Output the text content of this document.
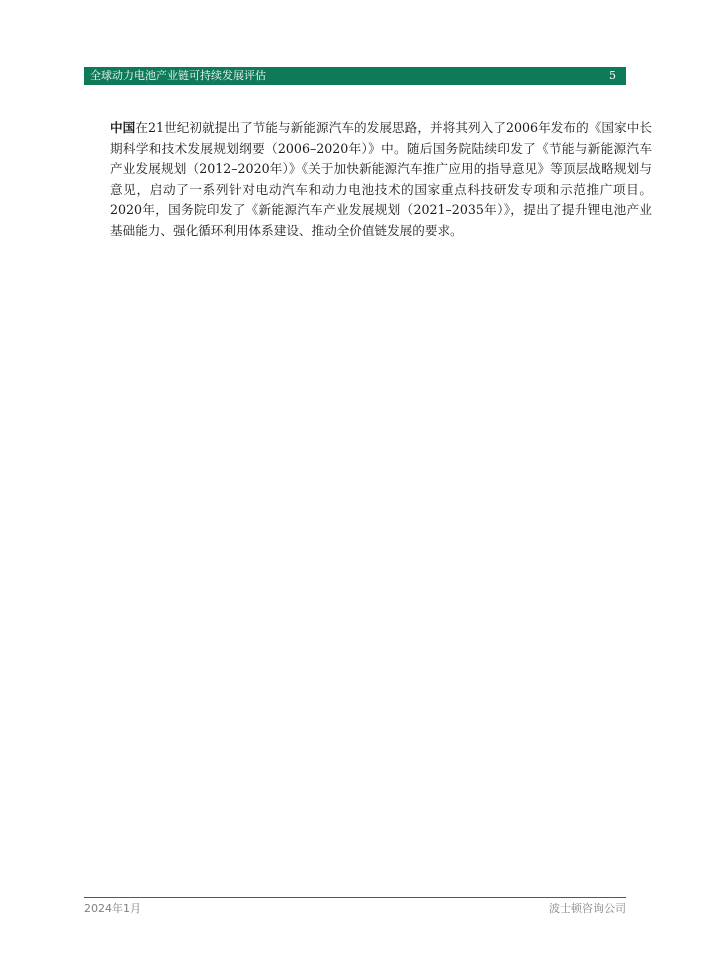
全球动力电池产业链可持续发展评估	5

中国在21世纪初就提出了节能与新能源汽车的发展思路，并将其列入了2006年发布的《国家中长期科学和技术发展规划纲要（2006–2020年）》中。随后国务院陆续印发了《节能与新能源汽车产业发展规划（2012–2020年）》《关于加快新能源汽车推广应用的指导意见》等顶层战略规划与意见，启动了一系列针对电动汽车和动力电池技术的国家重点科技研发专项和示范推广项目。2020年，国务院印发了《新能源汽车产业发展规划（2021–2035年）》，提出了提升锂电池产业基础能力、强化循环利用体系建设、推动全价值链发展的要求。

2024年1月	波士顿咨询公司
